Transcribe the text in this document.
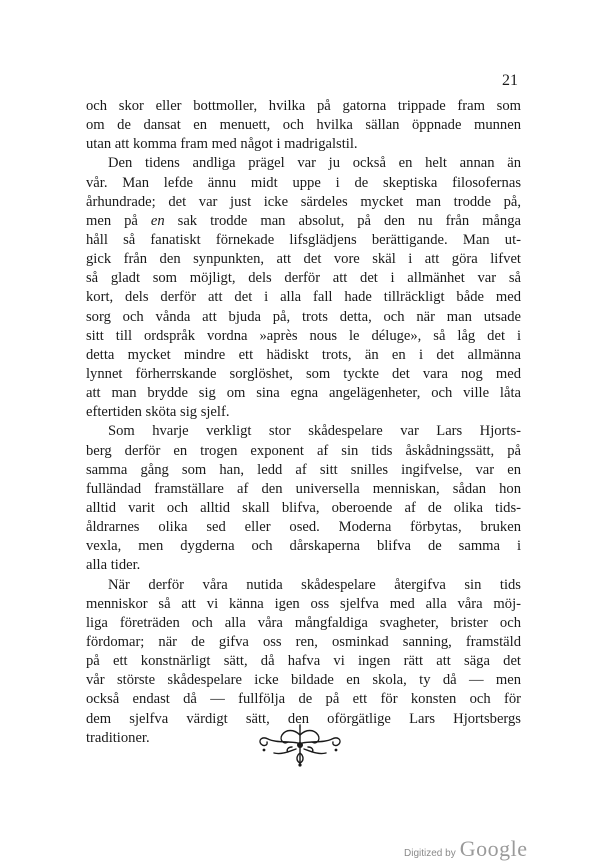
21
och skor eller bottmoller, hvilka på gatorna trippade fram som
om de dansat en menuett, och hvilka sällan öppnade munnen
utan att komma fram med något i madrigalstil.
Den tidens andliga prägel var ju också en helt annan än
vår. Man lefde ännu midt uppe i de skeptiska filosofernas
århundrade; det var just icke särdeles mycket man trodde på,
men på en sak trodde man absolut, på den nu från många
håll så fanatiskt förnekade lifsglädjens berättigande. Man ut-
gick från den synpunkten, att det vore skäl i att göra lifvet
så gladt som möjligt, dels derför att det i allmänhet var så
kort, dels derför att det i alla fall hade tillräckligt både med
sorg och vånda att bjuda på, trots detta, och när man utsade
sitt till ordspråk vordna »après nous le déluge», så låg det i
detta mycket mindre ett hädiskt trots, än en i det allmänna
lynnet förherrskande sorglöshet, som tyckte det vara nog med
att man brydde sig om sina egna angelägenheter, och ville låta
eftertiden sköta sig sjelf.
Som hvarje verkligt stor skådespelare var Lars Hjorts-
berg derför en trogen exponent af sin tids åskådningssätt, på
samma gång som han, ledd af sitt snilles ingifvelse, var en
fulländad framställare af den universella menniskan, sådan hon
alltid varit och alltid skall blifva, oberoende af de olika tids-
åldrarnes olika sed eller osed. Moderna förbytas, bruken
vexla, men dygderna och dårskaperna blifva de samma i
alla tider.
När derför våra nutida skådespelare återgifva sin tids
menniskor så att vi känna igen oss sjelfva med alla våra möj-
liga företräden och alla våra mångfaldiga svagheter, brister och
fördomar; när de gifva oss ren, osminkad sanning, framstäld
på ett konstnärligt sätt, då hafva vi ingen rätt att säga det
vår störste skådespelare icke bildade en skola, ty då — men
också endast då — fullfölja de på ett för konsten och för
dem sjelfva värdigt sätt, den oförgätlige Lars Hjortsbergs
traditioner.
Digitized by Google
